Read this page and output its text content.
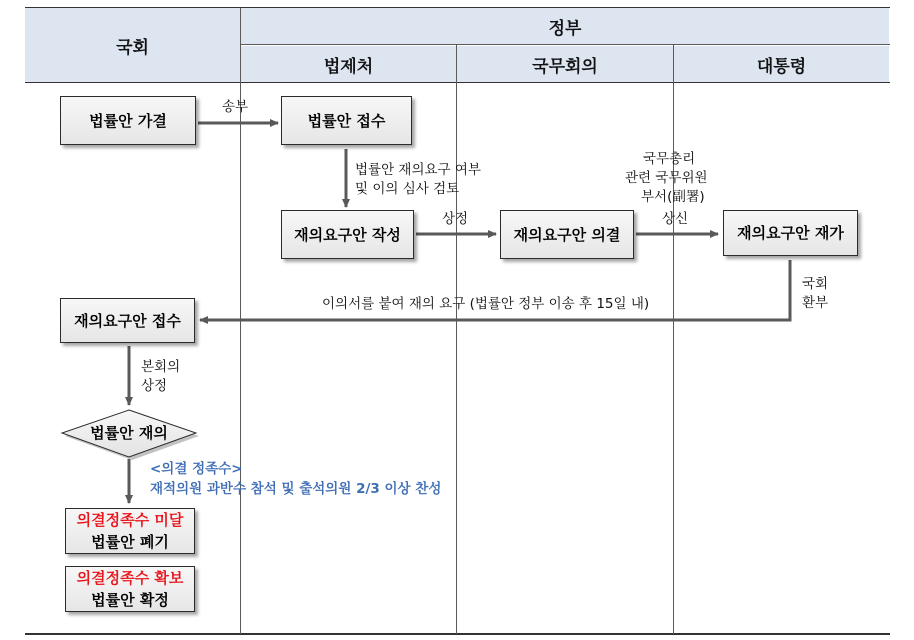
국회
정부
법제처	국무회의	대통령
법률안 가결	법률안 접수
재의요구안 작성	재의요구안 의결	재의요구안 재가
재의요구안 접수
법률안 재의
의결정족수 미달
법률안 폐기
의결정족수 확보
법률안 확정
송부
법률안 재의요구 여부
및 이의 심사 검토
상정
국무총리
관련 국무위원
부서(副署)
상신
국회
환부
이의서를 붙여 재의 요구 (법률안 정부 이송 후 15일 내)
본회의
상정
<의결 정족수>
재적의원 과반수 참석 및 출석의원 2/3 이상 찬성
